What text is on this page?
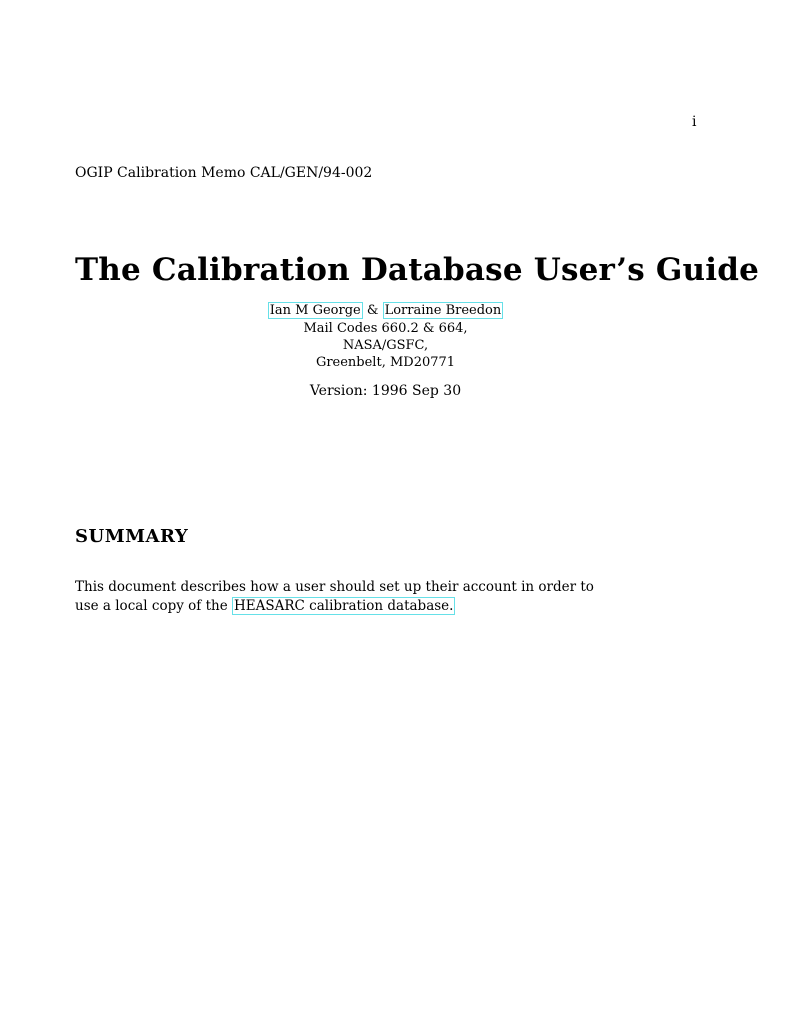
i
OGIP Calibration Memo CAL/GEN/94-002
The Calibration Database User’s Guide
Ian M George & Lorraine Breedon
Mail Codes 660.2 & 664,
NASA/GSFC,
Greenbelt, MD20771
Version: 1996 Sep 30
SUMMARY

This document describes how a user should set up their account in order to use a local copy of the HEASARC calibration database.
